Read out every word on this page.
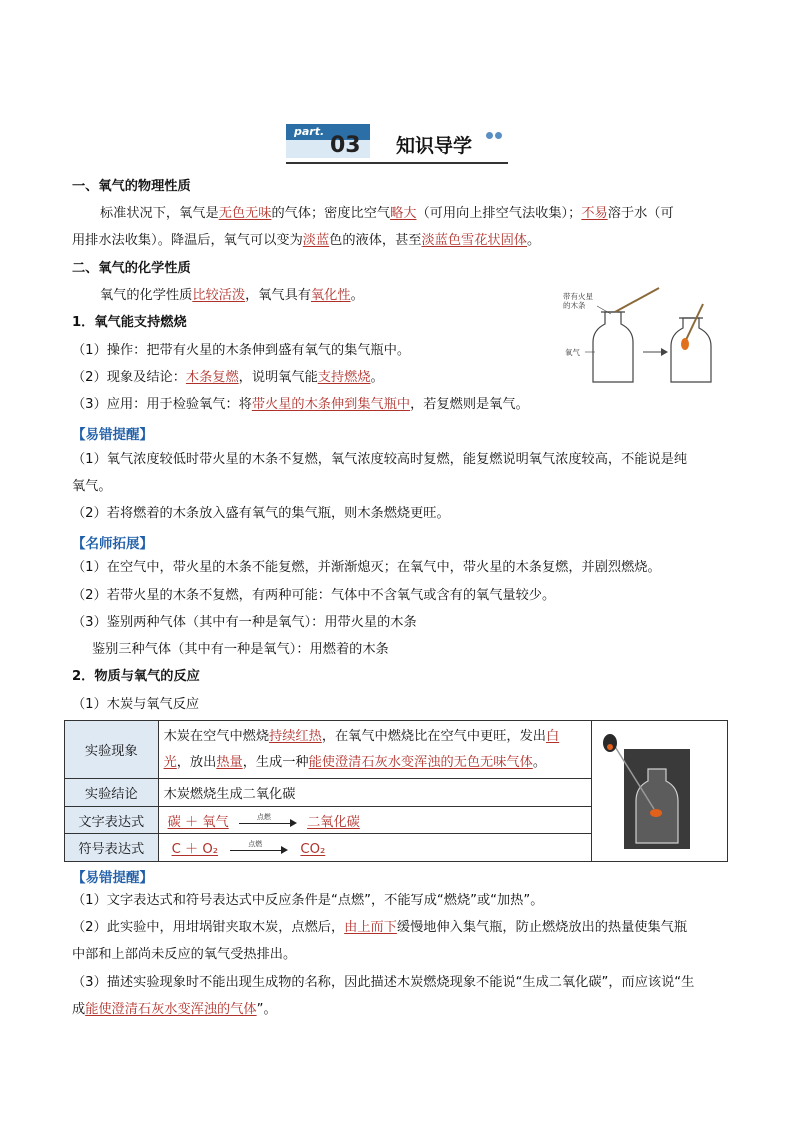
part.
03 知识导学
一、氧气的物理性质
标准状况下，氧气是无色无味的气体；密度比空气略大（可用向上排空气法收集）；不易溶于水（可
用排水法收集）。降温后，氧气可以变为淡蓝色的液体，甚至淡蓝色雪花状固体。
二、氧气的化学性质
氧气的化学性质比较活泼，氧气具有氧化性。	带有火星
的木条
氧气
1．氧气能支持燃烧
（1）操作：把带有火星的木条伸到盛有氧气的集气瓶中。
（2）现象及结论：木条复燃，说明氧气能支持燃烧。
（3）应用：用于检验氧气：将带火星的木条伸到集气瓶中，若复燃则是氧气。
【易错提醒】
（1）氧气浓度较低时带火星的木条不复燃，氧气浓度较高时复燃，能复燃说明氧气浓度较高，不能说是纯
氧气。
（2）若将燃着的木条放入盛有氧气的集气瓶，则木条燃烧更旺。
【名师拓展】
（1）在空气中，带火星的木条不能复燃，并渐渐熄灭；在氧气中，带火星的木条复燃，并剧烈燃烧。
（2）若带火星的木条不复燃，有两种可能：气体中不含氧气或含有的氧气量较少。
（3）鉴别两种气体（其中有一种是氧气）：用带火星的木条
鉴别三种气体（其中有一种是氧气）：用燃着的木条
2．物质与氧气的反应
（1）木炭与氧气反应
实验现象	木炭在空气中燃烧持续红热，在氧气中燃烧比在空气中更旺，发出白
光，放出热量，生成一种能使澄清石灰水变浑浊的无色无味气体。	
实验结论	木炭燃烧生成二氧化碳	
文字表达式	碳 ＋ 氧气 点燃 二氧化碳	
符号表达式	C ＋ O₂ 点燃 CO₂	
【易错提醒】
（1）文字表达式和符号表达式中反应条件是“点燃”，不能写成“燃烧”或“加热”。
（2）此实验中，用坩埚钳夹取木炭，点燃后，由上而下缓慢地伸入集气瓶，防止燃烧放出的热量使集气瓶
中部和上部尚未反应的氧气受热排出。
（3）描述实验现象时不能出现生成物的名称，因此描述木炭燃烧现象不能说“生成二氧化碳”，而应该说“生
成能使澄清石灰水变浑浊的气体”。
